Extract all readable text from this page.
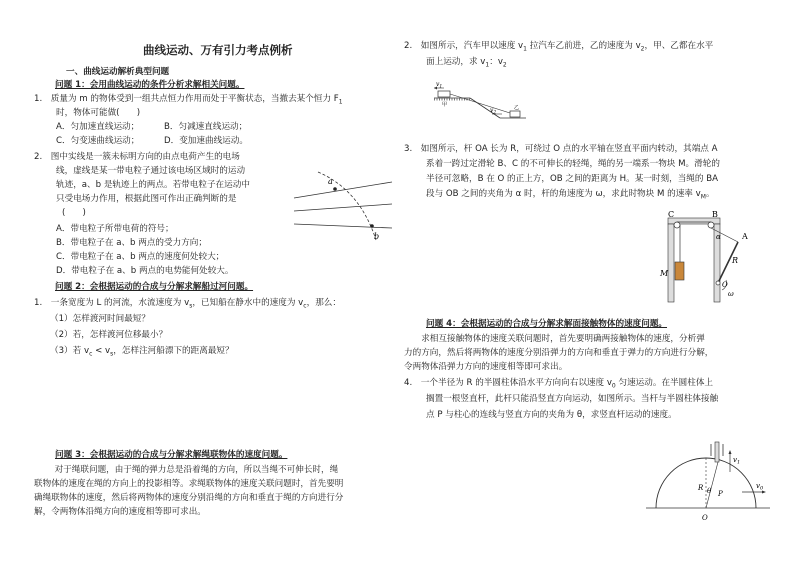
曲线运动、万有引力考点例析
一、曲线运动解析典型问题
问题 1：会用曲线运动的条件分析求解相关问题。
1.　质量为 m 的物体受到一组共点恒力作用而处于平衡状态，当撤去某个恒力 $F_1$
时，物体可能做(　　)
A．匀加速直线运动；	B．匀减速直线运动；
C．匀变速曲线运动；	D．变加速曲线运动。
2.　图中实线是一簇未标明方向的由点电荷产生的电场
线，虚线是某一带电粒子通过该电场区域时的运动
轨迹，a、b 是轨迹上的两点。若带电粒子在运动中
只受电场力作用，根据此图可作出正确判断的是
(　　)
A．带电粒子所带电荷的符号；
B．带电粒子在 a、b 两点的受力方向；
C．带电粒子在 a、b 两点的速度何处较大；
D．带电粒子在 a、b 两点的电势能何处较大。
a
b
问题 2：会根据运动的合成与分解求解船过河问题。
1.　一条宽度为 L 的河流，水流速度为 $v_s$，已知船在静水中的速度为 $v_c$，那么：
（1）怎样渡河时间最短？
（2）若，怎样渡河位移最小？
（3）若 $v_c < v_s$，怎样注河船漂下的距离最短？
问题 3：会根据运动的合成与分解求解绳联物体的速度问题。
　对于绳联问题，由于绳的弹力总是沿着绳的方向，所以当绳不可伸长时，绳
联物体的速度在绳的方向上的投影相等。求绳联物体的速度关联问题时，首先要明
确绳联物体的速度，然后将两物体的速度分别沿绳的方向和垂直于绳的方向进行分
解，令两物体沿绳方向的速度相等即可求出。
2.　如图所示，汽车甲以速度 $v_1$ 拉汽车乙前进，乙的速度为 $v_2$，甲、乙都在水平
面上运动，求 $v_1$：$v_2$
$v_1$
$v_2$
甲	乙
3.　如图所示，杆 OA 长为 R，可绕过 O 点的水平轴在竖直平面内转动，其端点 A
系着一跨过定滑轮 B、C 的不可伸长的轻绳，绳的另一端系一物块 M。滑轮的
半径可忽略，B 在 O 的正上方，OB 之间的距离为 H。某一时刻，当绳的 BA
段与 OB 之间的夹角为 α 时，杆的角速度为 ω，求此时物块 M 的速率 $v_M$。
C	B
A
α
R
M
O
ω
问题 4：会根据运动的合成与分解求解面接触物体的速度问题。
　　求相互接触物体的速度关联问题时，首先要明确两接触物体的速度，分析弹
力的方向，然后将两物体的速度分别沿弹力的方向和垂直于弹力的方向进行分解，
令两物体沿弹力方向的速度相等即可求出。
4.　一个半径为 R 的半圆柱体沿水平方向向右以速度 $v_0$ 匀速运动。在半圆柱体上
搁置一根竖直杆，此杆只能沿竖直方向运动，如图所示。当杆与半圆柱体接触
点 P 与柱心的连线与竖直方向的夹角为 θ，求竖直杆运动的速度。
$v_1$
$v_0$
R θ P
O
